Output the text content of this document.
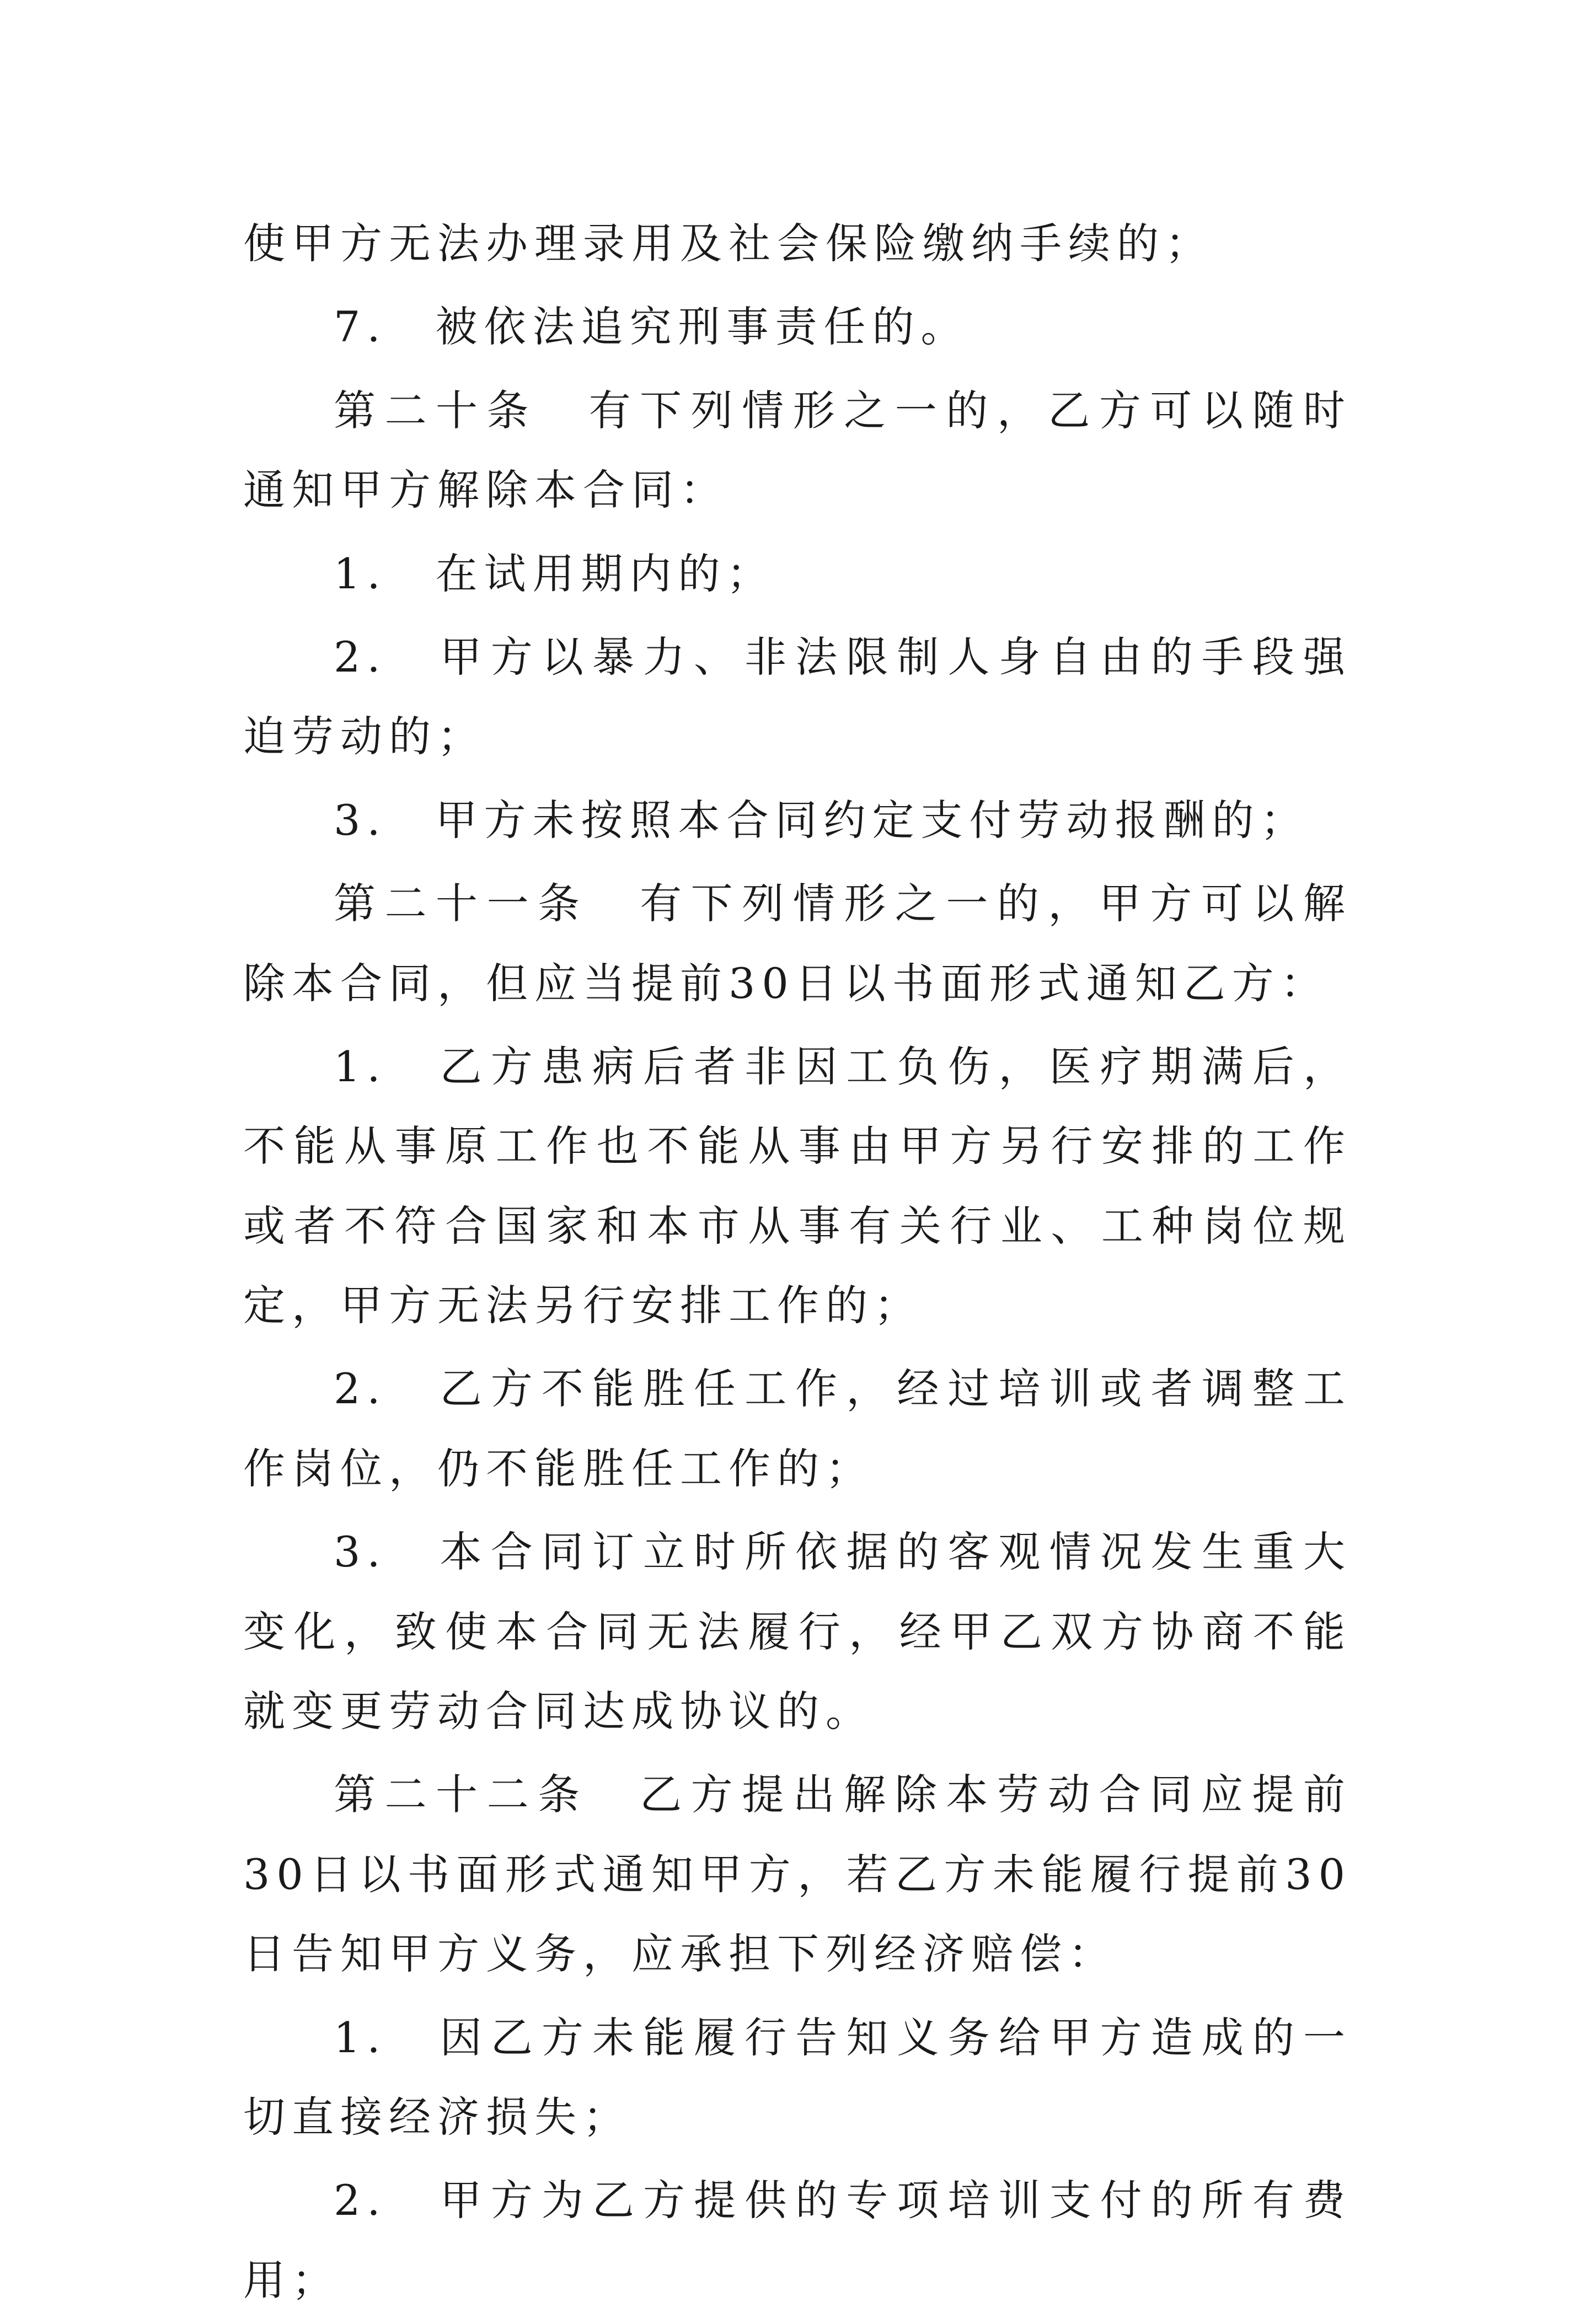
使甲方无法办理录用及社会保险缴纳手续的；

7.　被依法追究刑事责任的。

第二十条　有下列情形之一的，乙方可以随时通知甲方解除本合同：

1.　在试用期内的；

2.　甲方以暴力、非法限制人身自由的手段强迫劳动的；

3.　甲方未按照本合同约定支付劳动报酬的；

第二十一条　有下列情形之一的，甲方可以解除本合同，但应当提前30日以书面形式通知乙方：

1.　乙方患病后者非因工负伤，医疗期满后，不能从事原工作也不能从事由甲方另行安排的工作或者不符合国家和本市从事有关行业、工种岗位规定，甲方无法另行安排工作的；

2.　乙方不能胜任工作，经过培训或者调整工作岗位，仍不能胜任工作的；

3.　本合同订立时所依据的客观情况发生重大变化，致使本合同无法履行，经甲乙双方协商不能就变更劳动合同达成协议的。

第二十二条　乙方提出解除本劳动合同应提前30日以书面形式通知甲方，若乙方未能履行提前30日告知甲方义务，应承担下列经济赔偿：

1.　因乙方未能履行告知义务给甲方造成的一切直接经济损失；

2.　甲方为乙方提供的专项培训支付的所有费用；
